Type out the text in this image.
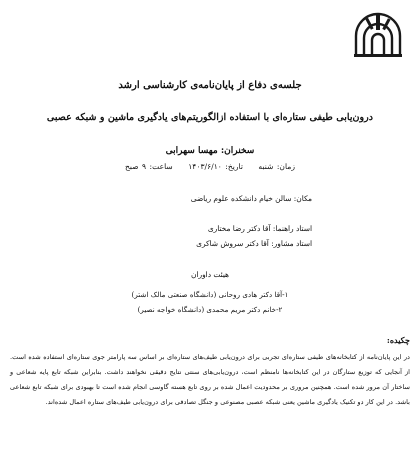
جلسه‌ی دفاع از پایان‌نامه‌ی کارشناسی ارشد
درون‌یابی طیفی ستاره‌ای با استفاده ازالگوریتم‌های یادگیری ماشین و شبکه عصبی
سخنران: مهسا سهرابی
زمان: شنبه تاریخ: ۱۴۰۳/۶/۱۰ ساعت: ۹ صبح
مکان: سالن خیام دانشکده علوم ریاضی
استاد راهنما: آقا دکتر رضا مختاری
استاد مشاور: آقا دکتر سروش شاکری
هیئت داوران
۱-آقا دکتر هادی روحانی (دانشگاه صنعتی مالک اشتر)
۲-خانم دکتر مریم محمدی (دانشگاه خواجه نصیر)
چکیده:
در این پایان‌نامه از کتابخانه‌های طیفی ستاره‌ای تجربی برای درون‌یابی طیف‌های ستاره‌ای بر اساس سه پارامتر جوی ستاره‌ای استفاده شده است. از آنجایی که توزیع ستارگان در این کتابخانه‌ها نامنظم است، درون‌یابی‌های سنتی نتایج دقیقی نخواهند داشت. بنابراین شبکه تابع پایه شعاعی و ساختار آن مرور شده است. همچنین مروری بر محدودیت اعمال شده بر روی تابع هسته گاوسی انجام شده است تا بهبودی برای شبکه تابع شعاعی باشد. در این کار دو تکنیک یادگیری ماشین یعنی شبکه عصبی مصنوعی و جنگل تصادفی برای درون‌یابی طیف‌های ستاره اعمال شده‌اند.
